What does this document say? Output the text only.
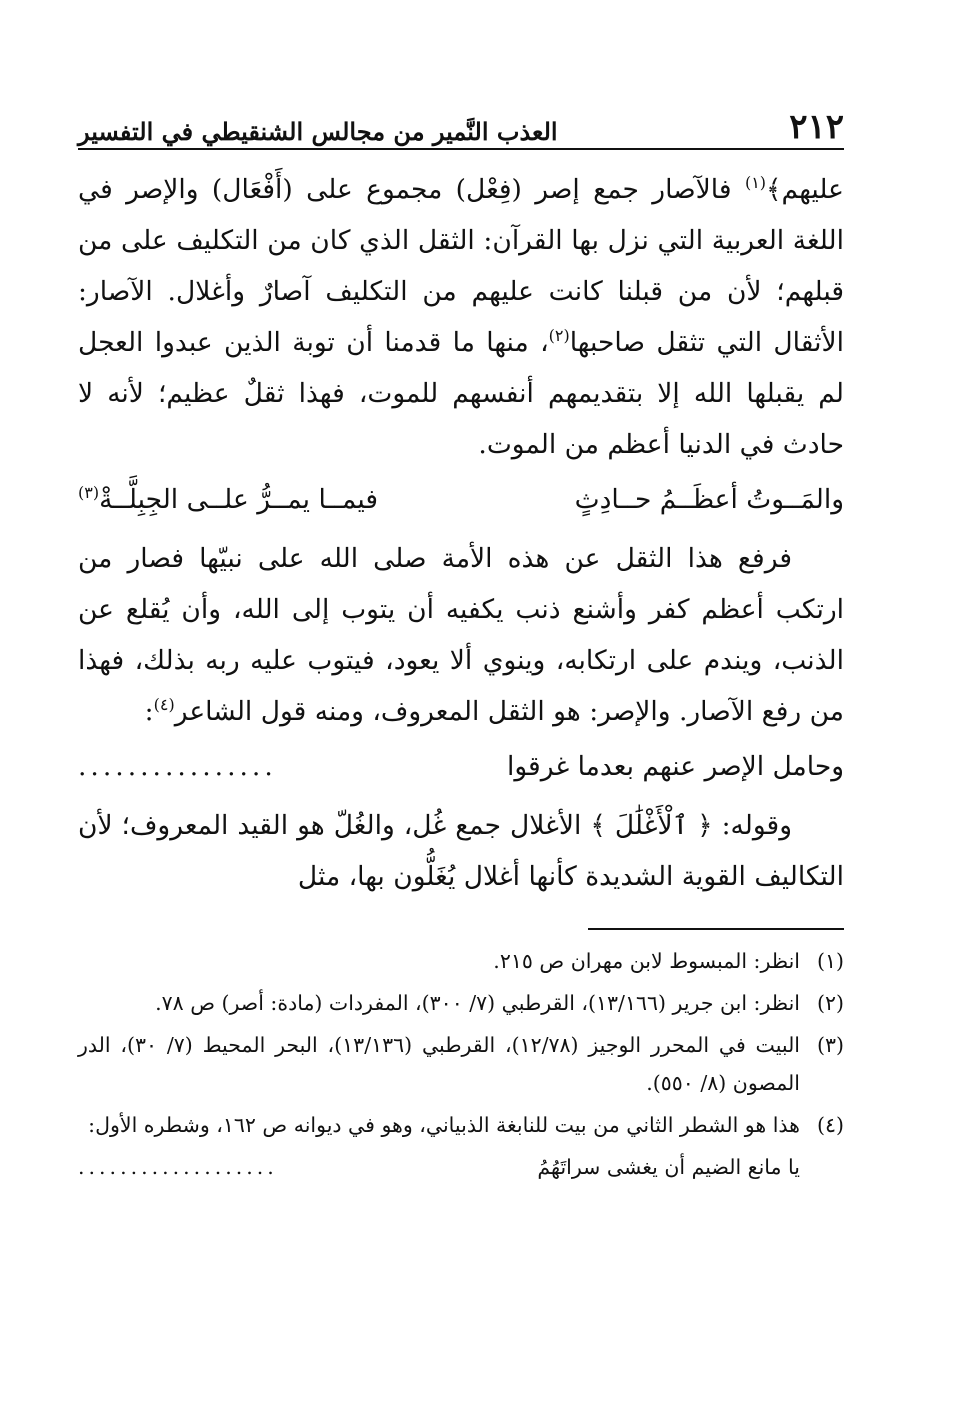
٢١٢
العذب النَّمير من مجالس الشنقيطي في التفسير

عليهم﴾$^{(١)}$ فالآصار جمع إصر (فِعْل) مجموع على (أَفْعَال) والإصر في اللغة العربية التي نزل بها القرآن: الثقل الذي كان من التكليف على من قبلهم؛ لأن من قبلنا كانت عليهم من التكليف آصارٌ وأغلال. الآصار: الأثقال التي تثقل صاحبها$^{(٢)}$، منها ما قدمنا أن توبة الذين عبدوا العجل لم يقبلها الله إلا بتقديمهم أنفسهم للموت، فهذا ثقلٌ عظيم؛ لأنه لا حادث في الدنيا أعظم من الموت.

والمَــوتُ أعظَــمُ حــادِثٍ
فيمــا يمــرُّ علــى الجِبِلَّــةْ$^{(٣)}$

فرفع هذا الثقل عن هذه الأمة صلى الله على نبيّها فصار من ارتكب أعظم كفر وأشنع ذنب يكفيه أن يتوب إلى الله، وأن يُقلع عن الذنب، ويندم على ارتكابه، وينوي ألا يعود، فيتوب عليه ربه بذلك، فهذا من رفع الآصار. والإصر: هو الثقل المعروف، ومنه قول الشاعر$^{(٤)}$:

وحامل الإصر عنهم بعدما غرقوا
................

وقوله: ﴿ ٱلْأَغْلَٰلَ ﴾ الأغلال جمع غُل، والغُلّ هو القيد المعروف؛ لأن التكاليف القوية الشديدة كأنها أغلال يُغَلُّون بها، مثل

(١)
انظر: المبسوط لابن مهران ص ٢١٥.
(٢)
انظر: ابن جرير (١٣/١٦٦)، القرطبي (٧/ ٣٠٠)، المفردات (مادة: أصر) ص ٧٨.
(٣)
البيت في المحرر الوجيز (١٢/٧٨)، القرطبي (١٣/١٣٦)، البحر المحيط (٧/ ٣٠)، الدر المصون (٨/ ٥٥٠).
(٤)
هذا هو الشطر الثاني من بيت للنابغة الذبياني، وهو في ديوانه ص ١٦٢، وشطره الأول:
يا مانع الضيم أن يغشى سراتَهُمُ
...................
